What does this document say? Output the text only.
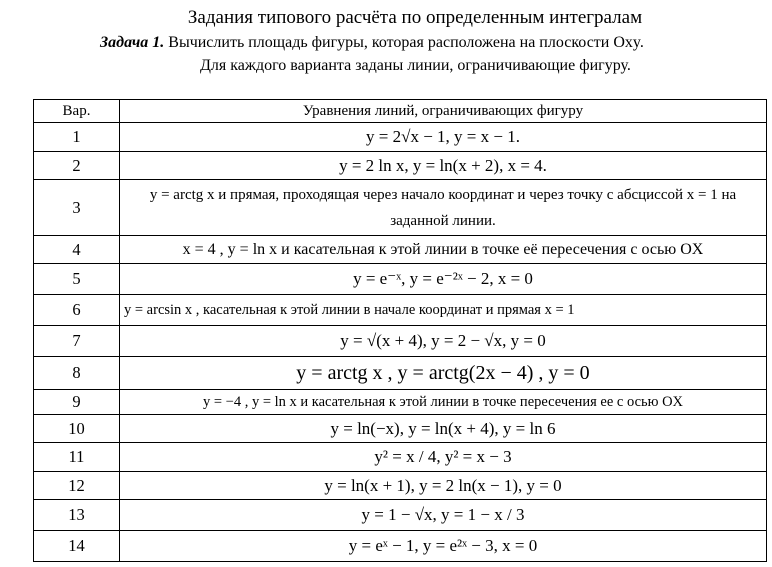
Задания типового расчёта по определенным интегралам
Задача 1. Вычислить площадь фигуры, которая расположена на плоскости Oxy.
Для каждого варианта заданы линии, ограничивающие фигуру.
Вар.	Уравнения линий, ограничивающих фигуру
1	y = 2√x − 1, y = x − 1.
2	y = 2 ln x, y = ln(x + 2), x = 4.
3	y = arctg x и прямая, проходящая через начало координат и через точку с абсциссой x = 1 на заданной линии.
4	x = 4 , y = ln x и касательная к этой линии в точке её пересечения с осью OX
5	y = e⁻ˣ, y = e⁻²ˣ − 2, x = 0
6	y = arcsin x , касательная к этой линии в начале координат и прямая x = 1
7	y = √(x + 4), y = 2 − √x, y = 0
8	y = arctg x , y = arctg(2x − 4) , y = 0
9	y = −4 , y = ln x и касательная к этой линии в точке пересечения ее с осью OX
10	y = ln(−x), y = ln(x + 4), y = ln 6
11	y² = x / 4, y² = x − 3
12	y = ln(x + 1), y = 2 ln(x − 1), y = 0
13	y = 1 − √x, y = 1 − x / 3
14	y = eˣ − 1, y = e²ˣ − 3, x = 0
